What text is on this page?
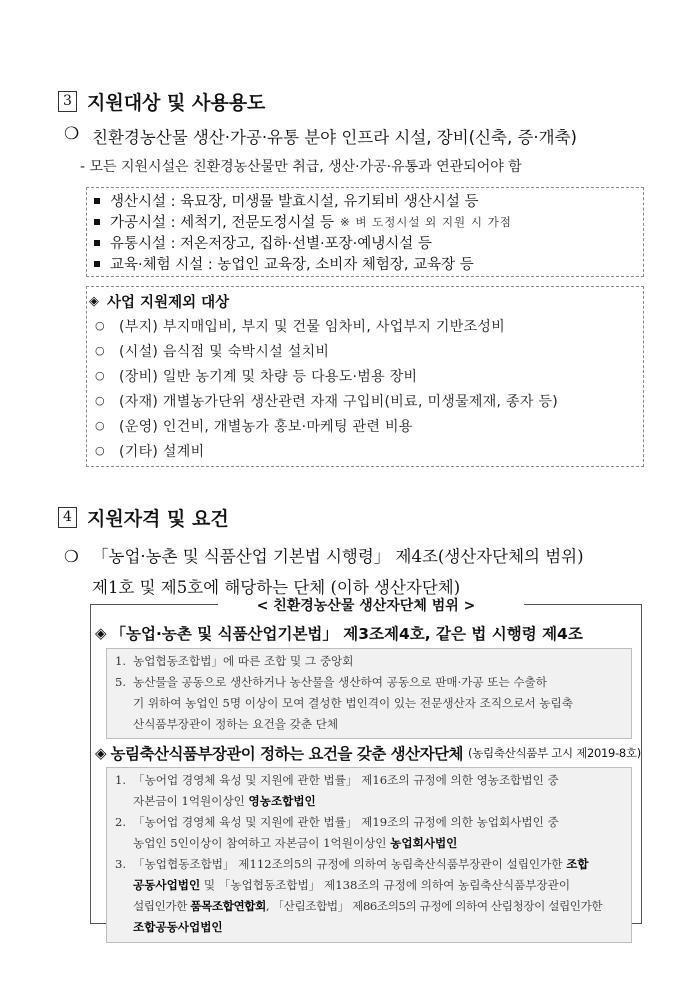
3 지원대상 및 사용용도
❍ 친환경농산물 생산·가공·유통 분야 인프라 시설, 장비(신축, 증·개축)
- 모든 지원시설은 친환경농산물만 취급, 생산·가공·유통과 연관되어야 함
생산시설 : 육묘장, 미생물 발효시설, 유기퇴비 생산시설 등
가공시설 : 세척기, 전문도정시설 등 ※ 벼 도정시설 외 지원 시 가점
유통시설 : 저온저장고, 집하·선별·포장·예냉시설 등
교육·체험 시설 : 농업인 교육장, 소비자 체험장, 교육장 등
◈ 사업 지원제외 대상
○	(부지) 부지매입비, 부지 및 건물 임차비, 사업부지 기반조성비
○	(시설) 음식점 및 숙박시설 설치비
○	(장비) 일반 농기계 및 차량 등 다용도·범용 장비
○	(자재) 개별농가단위 생산관련 자재 구입비(비료, 미생물제재, 종자 등)
○	(운영) 인건비, 개별농가 홍보·마케팅 관련 비용
○	(기타) 설계비
4 지원자격 및 요건
❍ 「농업·농촌 및 식품산업 기본법 시행령」 제4조(생산자단체의 범위)
제1호 및 제5호에 해당하는 단체 (이하 생산자단체)
< 친환경농산물 생산자단체 범위 >
◈ 「농업·농촌 및 식품산업기본법」 제3조제4호, 같은 법 시행령 제4조
1. 농업협동조합법」에 따른 조합 및 그 중앙회
5. 농산물을 공동으로 생산하거나 농산물을 생산하여 공동으로 판매·가공 또는 수출하
기 위하여 농업인 5명 이상이 모여 결성한 법인격이 있는 전문생산자 조직으로서 농림축
산식품부장관이 정하는 요건을 갖춘 단체
◈ 농림축산식품부장관이 정하는 요건을 갖춘 생산자단체 (농림축산식품부 고시 제2019-8호)
1. 「농어업 경영체 육성 및 지원에 관한 법률」 제16조의 규정에 의한 영농조합법인 중
자본금이 1억원이상인 영농조합법인
2. 「농어업 경영체 육성 및 지원에 관한 법률」 제19조의 규정에 의한 농업회사법인 중
농업인 5인이상이 참여하고 자본금이 1억원이상인 농업회사법인
3. 「농업협동조합법」 제112조의5의 규정에 의하여 농림축산식품부장관이 설립인가한 조합
공동사업법인 및 「농업협동조합법」 제138조의 규정에 의하여 농림축산식품부장관이
설립인가한 품목조합연합회, 「산림조합법」 제86조의5의 규정에 의하여 산림청장이 설립인가한
조합공동사업법인
